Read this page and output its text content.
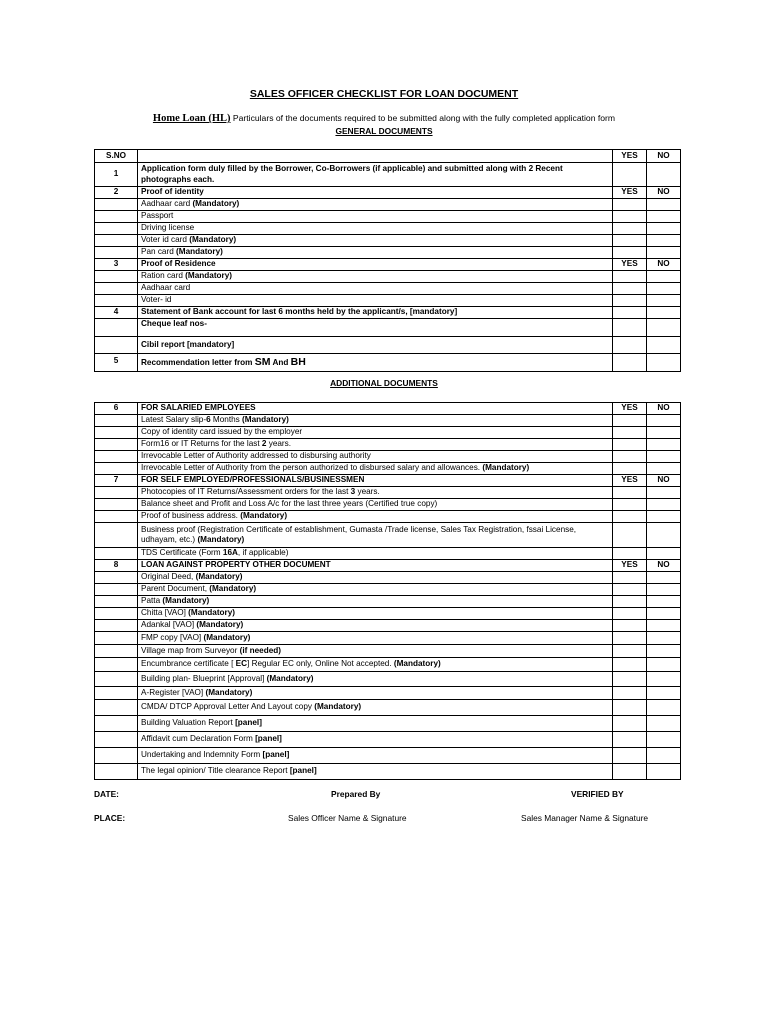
SALES OFFICER CHECKLIST FOR LOAN DOCUMENT
Home Loan (HL) Particulars of the documents required to be submitted along with the fully completed application form
GENERAL DOCUMENTS
S.NO		YES	NO
1	Application form duly filled by the Borrower, Co-Borrowers (if applicable) and submitted along with 2 Recent photographs each.		
2	Proof of identity	YES	NO
	Aadhaar card (Mandatory)		
	Passport		
	Driving license		
	Voter id card (Mandatory)		
	Pan card (Mandatory)		
3	Proof of Residence	YES	NO
	Ration card (Mandatory)		
	Aadhaar card		
	Voter- id		
4	Statement of Bank account for last 6 months held by the applicant/s, [mandatory]		
	Cheque leaf nos-		
	Cibil report [mandatory]		
5	Recommendation letter from SM And BH		
ADDITIONAL DOCUMENTS
6	FOR SALARIED EMPLOYEES	YES	NO
	Latest Salary slip-6 Months (Mandatory)		
	Copy of identity card issued by the employer		
	Form16 or IT Returns for the last 2 years.		
	Irrevocable Letter of Authority addressed to disbursing authority		
	Irrevocable Letter of Authority from the person authorized to disbursed salary and allowances. (Mandatory)		
7	FOR SELF EMPLOYED/PROFESSIONALS/BUSINESSMEN	YES	NO
	Photocopies of IT Returns/Assessment orders for the last 3 years.		
	Balance sheet and Profit and Loss A/c for the last three years (Certified true copy)		
	Proof of business address. (Mandatory)		
	Business proof (Registration Certificate of establishment, Gumasta /Trade license, Sales Tax Registration, fssai License, udhayam, etc.) (Mandatory)		
	TDS Certificate (Form 16A, if applicable)		
8	LOAN AGAINST PROPERTY OTHER DOCUMENT	YES	NO
	Original Deed, (Mandatory)		
	Parent Document, (Mandatory)		
	Patta (Mandatory)		
	Chitta [VAO] (Mandatory)		
	Adankal [VAO] (Mandatory)		
	FMP copy [VAO] (Mandatory)		
	Village map from Surveyor (if needed)		
	Encumbrance certificate [ EC] Regular EC only, Online Not accepted. (Mandatory)		
	Building plan- Blueprint [Approval] (Mandatory)		
	A-Register [VAO] (Mandatory)		
	CMDA/ DTCP Approval Letter And Layout copy (Mandatory)		
	Building Valuation Report [panel]		
	Affidavit cum Declaration Form [panel]		
	Undertaking and Indemnity Form [panel]		
	The legal opinion/ Title clearance Report [panel]		
DATE:	Prepared By	VERIFIED BY
PLACE:	Sales Officer Name & Signature	Sales Manager Name & Signature
